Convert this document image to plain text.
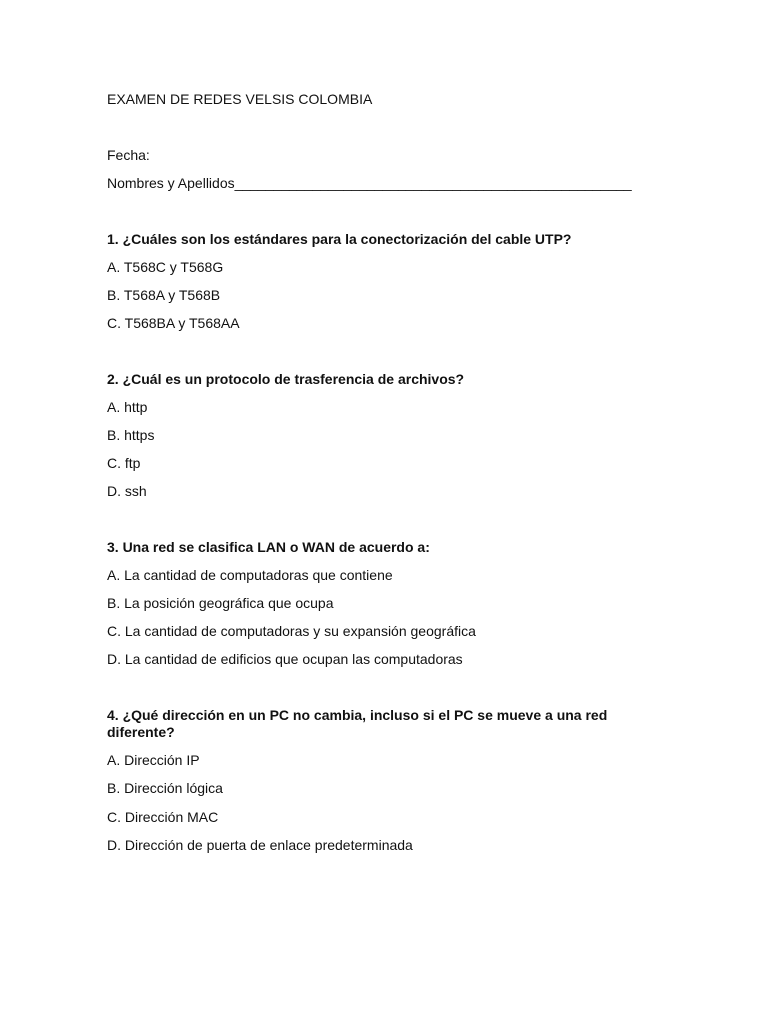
EXAMEN DE REDES VELSIS COLOMBIA
Fecha:
Nombres y Apellidos___________________________________________________
1. ¿Cuáles son los estándares para la conectorización del cable UTP?
A. T568C y T568G
B. T568A y T568B
C. T568BA y T568AA
2. ¿Cuál es un protocolo de trasferencia de archivos?
A. http
B. https
C. ftp
D. ssh
3. Una red se clasifica LAN o WAN de acuerdo a:
A. La cantidad de computadoras que contiene
B. La posición geográfica que ocupa
C. La cantidad de computadoras y su expansión geográfica
D. La cantidad de edificios que ocupan las computadoras
4. ¿Qué dirección en un PC no cambia, incluso si el PC se mueve a una red diferente?
A. Dirección IP
B. Dirección lógica
C. Dirección MAC
D. Dirección de puerta de enlace predeterminada
